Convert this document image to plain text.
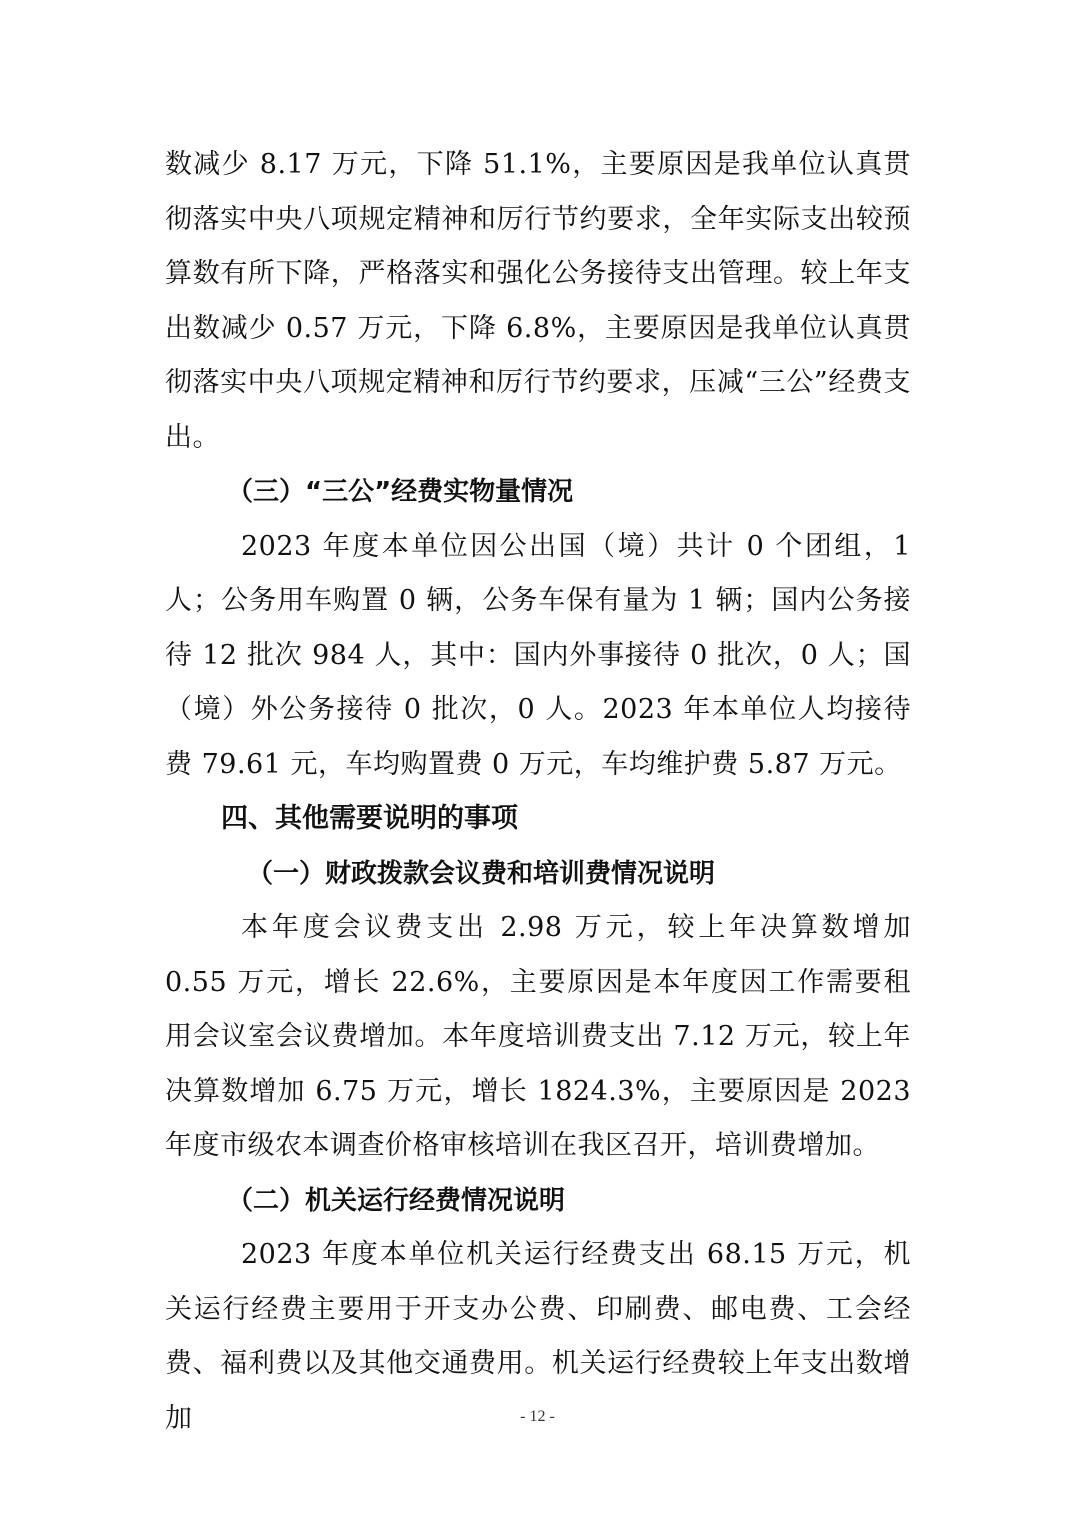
数减少 8.17 万元，下降 51.1%，主要原因是我单位认真贯彻落实中央八项规定精神和厉行节约要求，全年实际支出较预算数有所下降，严格落实和强化公务接待支出管理。较上年支出数减少 0.57 万元，下降 6.8%，主要原因是我单位认真贯彻落实中央八项规定精神和厉行节约要求，压减“三公”经费支出。

（三）“三公”经费实物量情况

2023 年度本单位因公出国（境）共计 0 个团组，1 人；公务用车购置 0 辆，公务车保有量为 1 辆；国内公务接待 12 批次 984 人，其中：国内外事接待 0 批次，0 人；国（境）外公务接待 0 批次，0 人。2023 年本单位人均接待费 79.61 元，车均购置费 0 万元，车均维护费 5.87 万元。

四、其他需要说明的事项

（一）财政拨款会议费和培训费情况说明

本年度会议费支出 2.98 万元，较上年决算数增加 0.55 万元，增长 22.6%，主要原因是本年度因工作需要租用会议室会议费增加。本年度培训费支出 7.12 万元，较上年决算数增加 6.75 万元，增长 1824.3%，主要原因是 2023 年度市级农本调查价格审核培训在我区召开，培训费增加。

（二）机关运行经费情况说明

2023 年度本单位机关运行经费支出 68.15 万元，机关运行经费主要用于开支办公费、印刷费、邮电费、工会经费、福利费以及其他交通费用。机关运行经费较上年支出数增加	- 12 -
